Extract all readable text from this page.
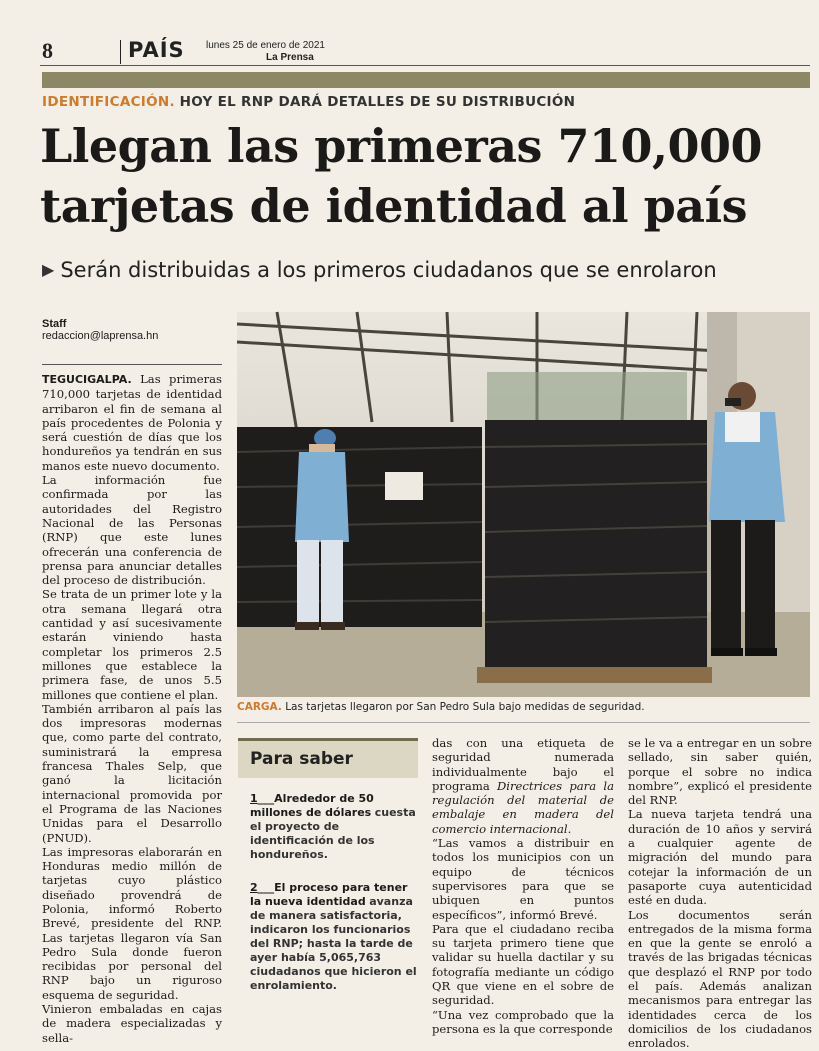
8	PAÍS lunes 25 de enero de 2021
La Prensa
IDENTIFICACIÓN. HOY EL RNP DARÁ DETALLES DE SU DISTRIBUCIÓN
Llegan las primeras 710,000
tarjetas de identidad al país
▶ Serán distribuidas a los primeros ciudadanos que se enrolaron
Staff
redaccion@laprensa.hn

TEGUCIGALPA. Las primeras 710,000 tarjetas de identidad arribaron el fin de semana al país procedentes de Polonia y será cuestión de días que los hondureños ya tendrán en sus manos este nuevo documento.

La información fue confirmada por las autoridades del Registro Nacional de las Personas (RNP) que este lunes ofrecerán una conferencia de prensa para anunciar detalles del proceso de distribución.

Se trata de un primer lote y la otra semana llegará otra cantidad y así sucesivamente estarán viniendo hasta completar los primeros 2.5 millones que establece la primera fase, de unos 5.5 millones que contiene el plan.

También arribaron al país las dos impresoras modernas que, como parte del contrato, suministrará la empresa francesa Thales Selp, que ganó la licitación internacional promovida por el Programa de las Naciones Unidas para el Desarrollo (PNUD).

Las impresoras elaborarán en Honduras medio millón de tarjetas cuyo plástico diseñado provendrá de Polonia, informó Roberto Brevé, presidente del RNP. Las tarjetas llegaron vía San Pedro Sula donde fueron recibidas por personal del RNP bajo un riguroso esquema de seguridad.

Vinieron embaladas en cajas de madera especializadas y sella-

CARGA. Las tarjetas llegaron por San Pedro Sula bajo medidas de seguridad.
Para saber
1___Alrededor de 50 millones de dólares cuesta el proyecto de identificación de los hondureños.
2___El proceso para tener la nueva identidad avanza de manera satisfactoria, indicaron los funcionarios del RNP; hasta la tarde de ayer había 5,065,763 ciudadanos que hicieron el enrolamiento.

das con una etiqueta de seguridad numerada individualmente bajo el programa Directrices para la regulación del material de embalaje en madera del comercio internacional.

“Las vamos a distribuir en todos los municipios con un equipo de técnicos supervisores para que se ubiquen en puntos específicos”, informó Brevé.

Para que el ciudadano reciba su tarjeta primero tiene que validar su huella dactilar y su fotografía mediante un código QR que viene en el sobre de seguridad.

“Una vez comprobado que la persona es la que corresponde

se le va a entregar en un sobre sellado, sin saber quién, porque el sobre no indica nombre”, explicó el presidente del RNP.

La nueva tarjeta tendrá una duración de 10 años y servirá a cualquier agente de migración del mundo para cotejar la información de un pasaporte cuya autenticidad esté en duda.

Los documentos serán entregados de la misma forma en que la gente se enroló a través de las brigadas técnicas que desplazó el RNP por todo el país. Además analizan mecanismos para entregar las identidades cerca de los domicilios de los ciudadanos enrolados.
